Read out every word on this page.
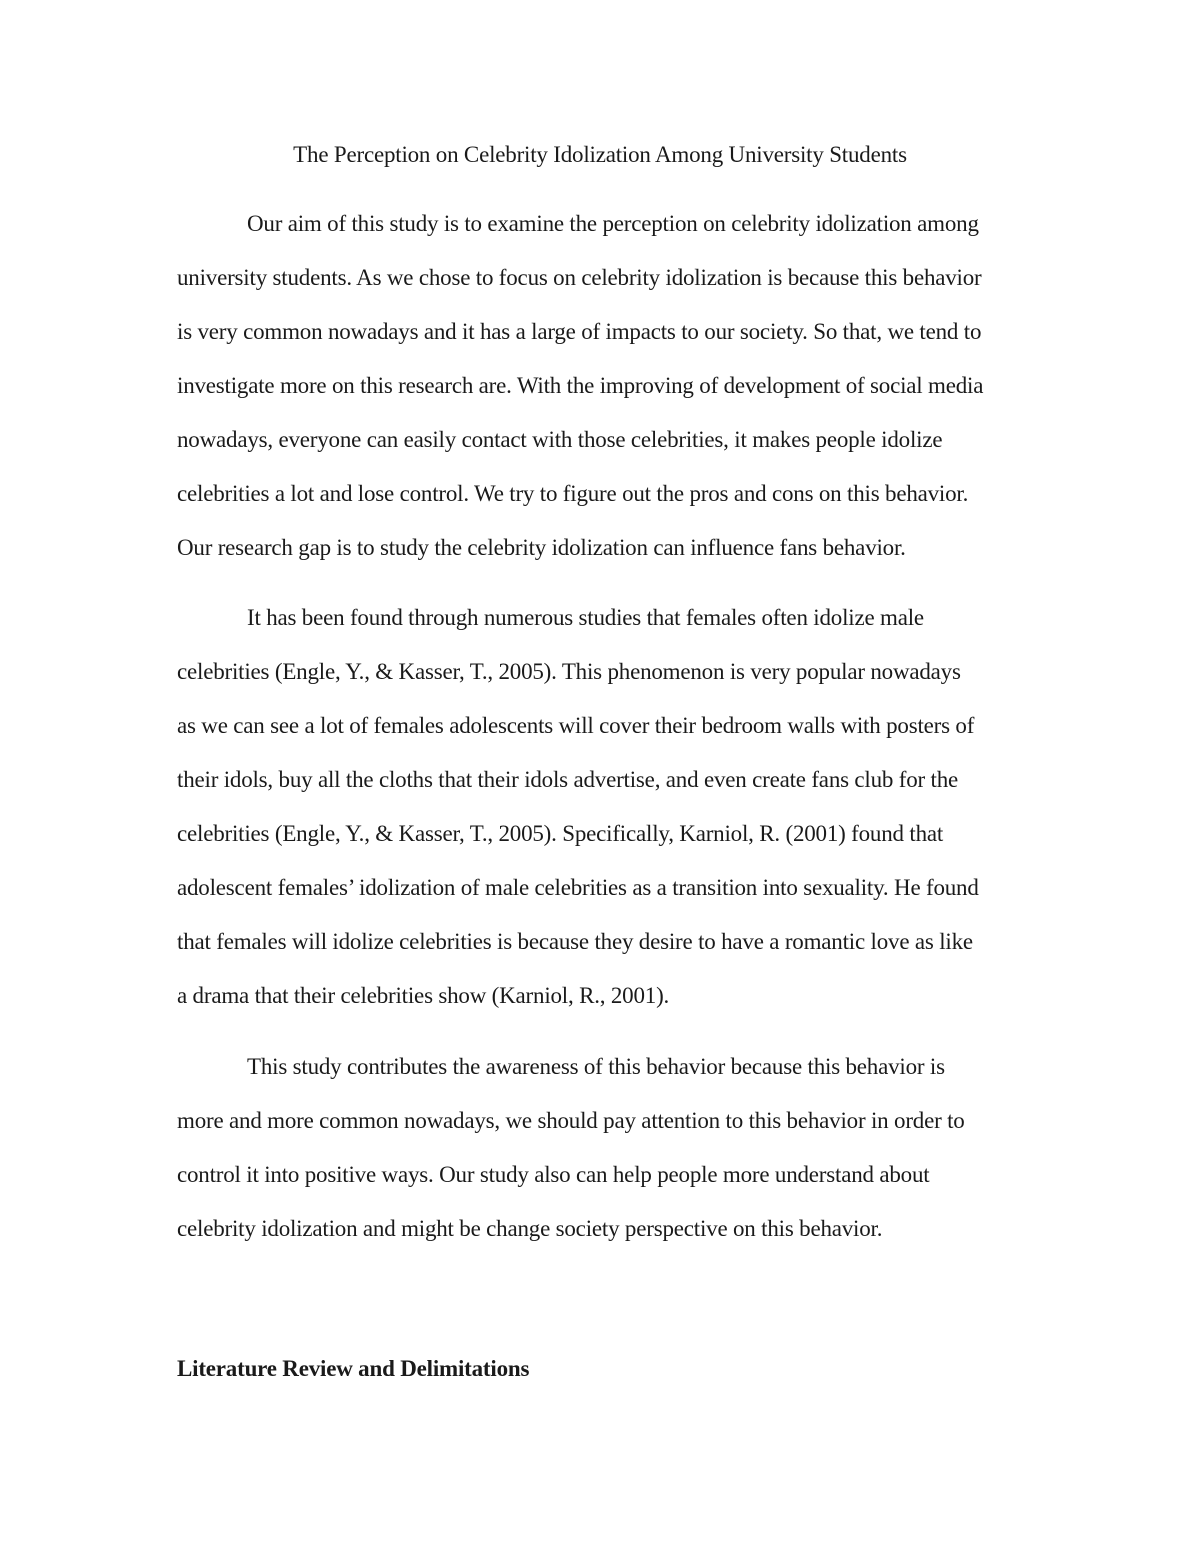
The Perception on Celebrity Idolization Among University Students
Our aim of this study is to examine the perception on celebrity idolization among
university students. As we chose to focus on celebrity idolization is because this behavior
is very common nowadays and it has a large of impacts to our society. So that, we tend to
investigate more on this research are. With the improving of development of social media
nowadays, everyone can easily contact with those celebrities, it makes people idolize
celebrities a lot and lose control. We try to figure out the pros and cons on this behavior.
Our research gap is to study the celebrity idolization can influence fans behavior.
It has been found through numerous studies that females often idolize male
celebrities (Engle, Y., & Kasser, T., 2005). This phenomenon is very popular nowadays
as we can see a lot of females adolescents will cover their bedroom walls with posters of
their idols, buy all the cloths that their idols advertise, and even create fans club for the
celebrities (Engle, Y., & Kasser, T., 2005). Specifically, Karniol, R. (2001) found that
adolescent females’ idolization of male celebrities as a transition into sexuality. He found
that females will idolize celebrities is because they desire to have a romantic love as like
a drama that their celebrities show (Karniol, R., 2001).
This study contributes the awareness of this behavior because this behavior is
more and more common nowadays, we should pay attention to this behavior in order to
control it into positive ways. Our study also can help people more understand about
celebrity idolization and might be change society perspective on this behavior.
Literature Review and Delimitations
